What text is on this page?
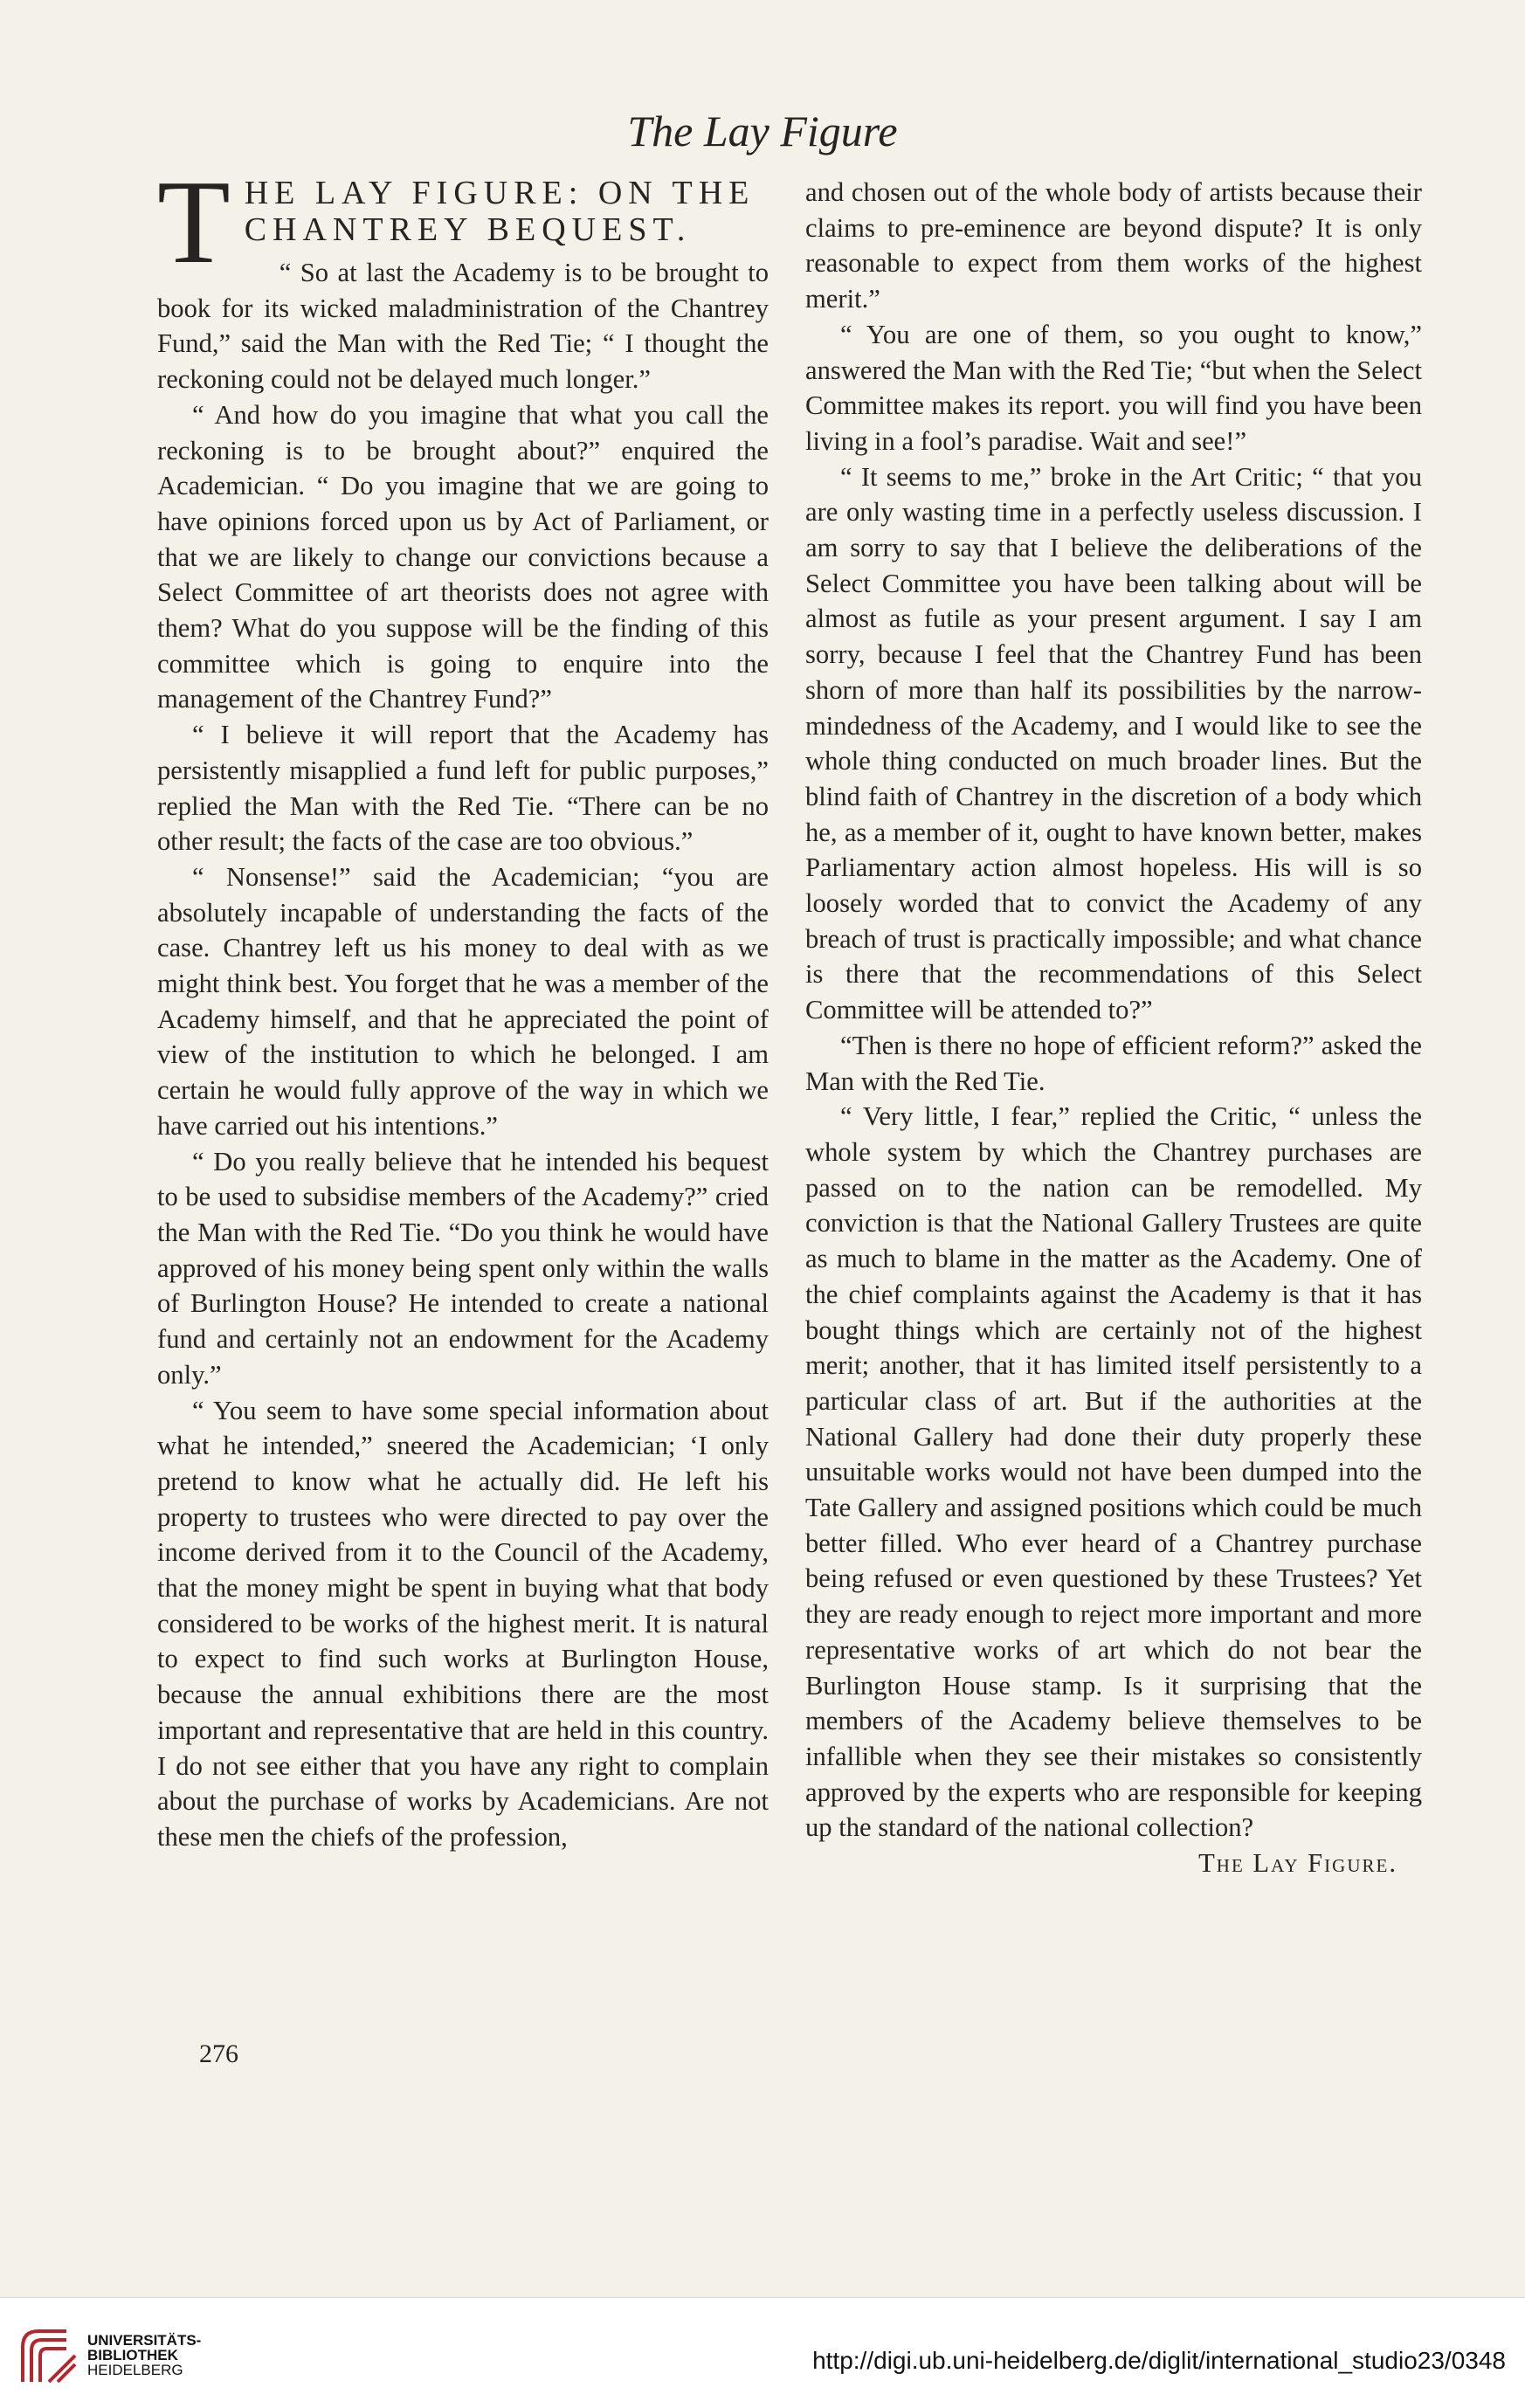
The Lay Figure
T HE LAY FIGURE: ON THE
CHANTREY BEQUEST.

“ So at last the Academy is to be brought to book for its wicked maladministration of the Chantrey Fund,” said the Man with the Red Tie; “ I thought the reckoning could not be delayed much longer.”

“ And how do you imagine that what you call the reckoning is to be brought about?” enquired the Academician. “ Do you imagine that we are going to have opinions forced upon us by Act of Parliament, or that we are likely to change our convictions because a Select Committee of art theorists does not agree with them? What do you suppose will be the finding of this committee which is going to enquire into the management of the Chantrey Fund?”

“ I believe it will report that the Academy has persistently misapplied a fund left for public purposes,” replied the Man with the Red Tie. “There can be no other result; the facts of the case are too obvious.”

“ Nonsense!” said the Academician; “you are absolutely incapable of understanding the facts of the case. Chantrey left us his money to deal with as we might think best. You forget that he was a member of the Academy himself, and that he appreciated the point of view of the institution to which he belonged. I am certain he would fully approve of the way in which we have carried out his intentions.”

“ Do you really believe that he intended his bequest to be used to subsidise members of the Academy?” cried the Man with the Red Tie. “Do you think he would have approved of his money being spent only within the walls of Burlington House? He intended to create a national fund and certainly not an endowment for the Academy only.”

“ You seem to have some special information about what he intended,” sneered the Academician; ‘I only pretend to know what he actually did. He left his property to trustees who were directed to pay over the income derived from it to the Council of the Academy, that the money might be spent in buying what that body considered to be works of the highest merit. It is natural to expect to find such works at Burlington House, because the annual exhibitions there are the most important and representative that are held in this country. I do not see either that you have any right to complain about the purchase of works by Academicians. Are not these men the chiefs of the profession,

and chosen out of the whole body of artists because their claims to pre-eminence are beyond dispute? It is only reasonable to expect from them works of the highest merit.”

“ You are one of them, so you ought to know,” answered the Man with the Red Tie; “but when the Select Committee makes its report. you will find you have been living in a fool’s paradise. Wait and see!”

“ It seems to me,” broke in the Art Critic; “ that you are only wasting time in a perfectly useless discussion. I am sorry to say that I believe the deliberations of the Select Committee you have been talking about will be almost as futile as your present argument. I say I am sorry, because I feel that the Chantrey Fund has been shorn of more than half its possibilities by the narrow-mindedness of the Academy, and I would like to see the whole thing conducted on much broader lines. But the blind faith of Chantrey in the discretion of a body which he, as a member of it, ought to have known better, makes Parliamentary action almost hopeless. His will is so loosely worded that to convict the Academy of any breach of trust is practically impossible; and what chance is there that the recommendations of this Select Committee will be attended to?”

“Then is there no hope of efficient reform?” asked the Man with the Red Tie.

“ Very little, I fear,” replied the Critic, “ unless the whole system by which the Chantrey purchases are passed on to the nation can be remodelled. My conviction is that the National Gallery Trustees are quite as much to blame in the matter as the Academy. One of the chief complaints against the Academy is that it has bought things which are certainly not of the highest merit; another, that it has limited itself persistently to a particular class of art. But if the authorities at the National Gallery had done their duty properly these unsuitable works would not have been dumped into the Tate Gallery and assigned positions which could be much better filled. Who ever heard of a Chantrey purchase being refused or even questioned by these Trustees? Yet they are ready enough to reject more important and more representative works of art which do not bear the Burlington House stamp. Is it surprising that the members of the Academy believe themselves to be infallible when they see their mistakes so consistently approved by the experts who are responsible for keeping up the standard of the national collection?

The Lay Figure.

276
UNIVERSITÄTS-
BIBLIOTHEK
HEIDELBERG	http://digi.ub.uni-heidelberg.de/diglit/international_studio23/0348
